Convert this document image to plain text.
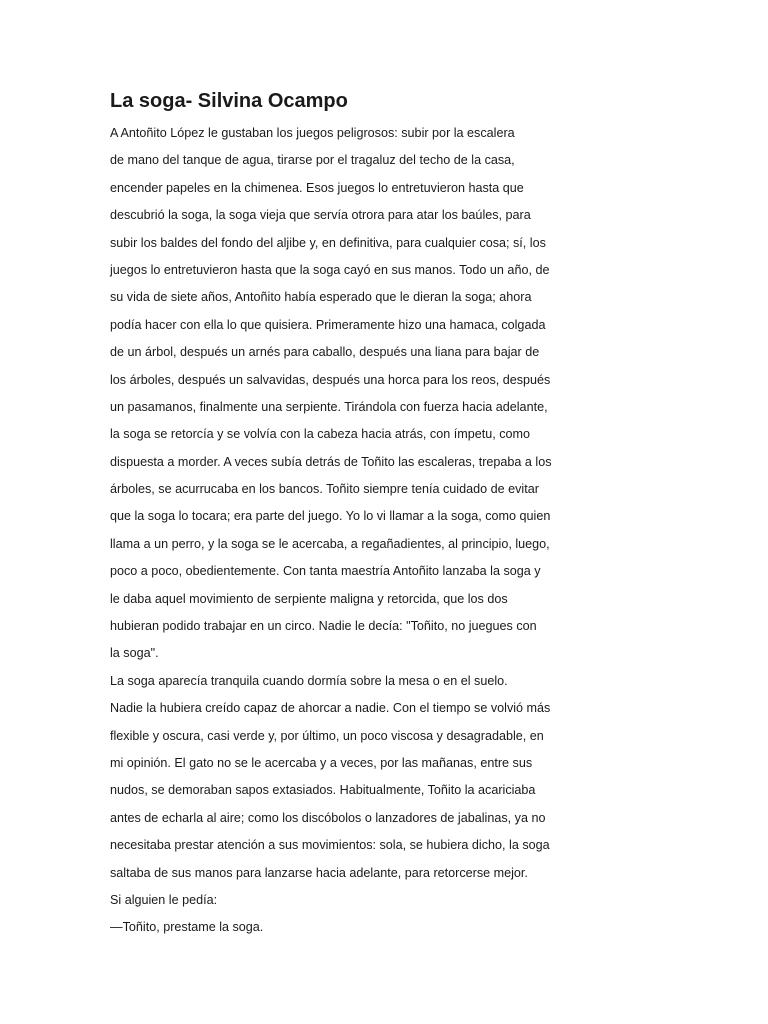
La soga- Silvina Ocampo
A Antoñito López le gustaban los juegos peligrosos: subir por la escalera
de mano del tanque de agua, tirarse por el tragaluz del techo de la casa,
encender papeles en la chimenea. Esos juegos lo entretuvieron hasta que
descubrió la soga, la soga vieja que servía otrora para atar los baúles, para
subir los baldes del fondo del aljibe y, en definitiva, para cualquier cosa; sí, los
juegos lo entretuvieron hasta que la soga cayó en sus manos. Todo un año, de
su vida de siete años, Antoñito había esperado que le dieran la soga; ahora
podía hacer con ella lo que quisiera. Primeramente hizo una hamaca, colgada
de un árbol, después un arnés para caballo, después una liana para bajar de
los árboles, después un salvavidas, después una horca para los reos, después
un pasamanos, finalmente una serpiente. Tirándola con fuerza hacia adelante,
la soga se retorcía y se volvía con la cabeza hacia atrás, con ímpetu, como
dispuesta a morder. A veces subía detrás de Toñito las escaleras, trepaba a los
árboles, se acurrucaba en los bancos. Toñito siempre tenía cuidado de evitar
que la soga lo tocara; era parte del juego. Yo lo vi llamar a la soga, como quien
llama a un perro, y la soga se le acercaba, a regañadientes, al principio, luego,
poco a poco, obedientemente. Con tanta maestría Antoñito lanzaba la soga y
le daba aquel movimiento de serpiente maligna y retorcida, que los dos
hubieran podido trabajar en un circo. Nadie le decía: "Toñito, no juegues con
la soga".
La soga aparecía tranquila cuando dormía sobre la mesa o en el suelo.
Nadie la hubiera creído capaz de ahorcar a nadie. Con el tiempo se volvió más
flexible y oscura, casi verde y, por último, un poco viscosa y desagradable, en
mi opinión. El gato no se le acercaba y a veces, por las mañanas, entre sus
nudos, se demoraban sapos extasiados. Habitualmente, Toñito la acariciaba
antes de echarla al aire; como los discóbolos o lanzadores de jabalinas, ya no
necesitaba prestar atención a sus movimientos: sola, se hubiera dicho, la soga
saltaba de sus manos para lanzarse hacia adelante, para retorcerse mejor.
Si alguien le pedía:
—Toñito, prestame la soga.
